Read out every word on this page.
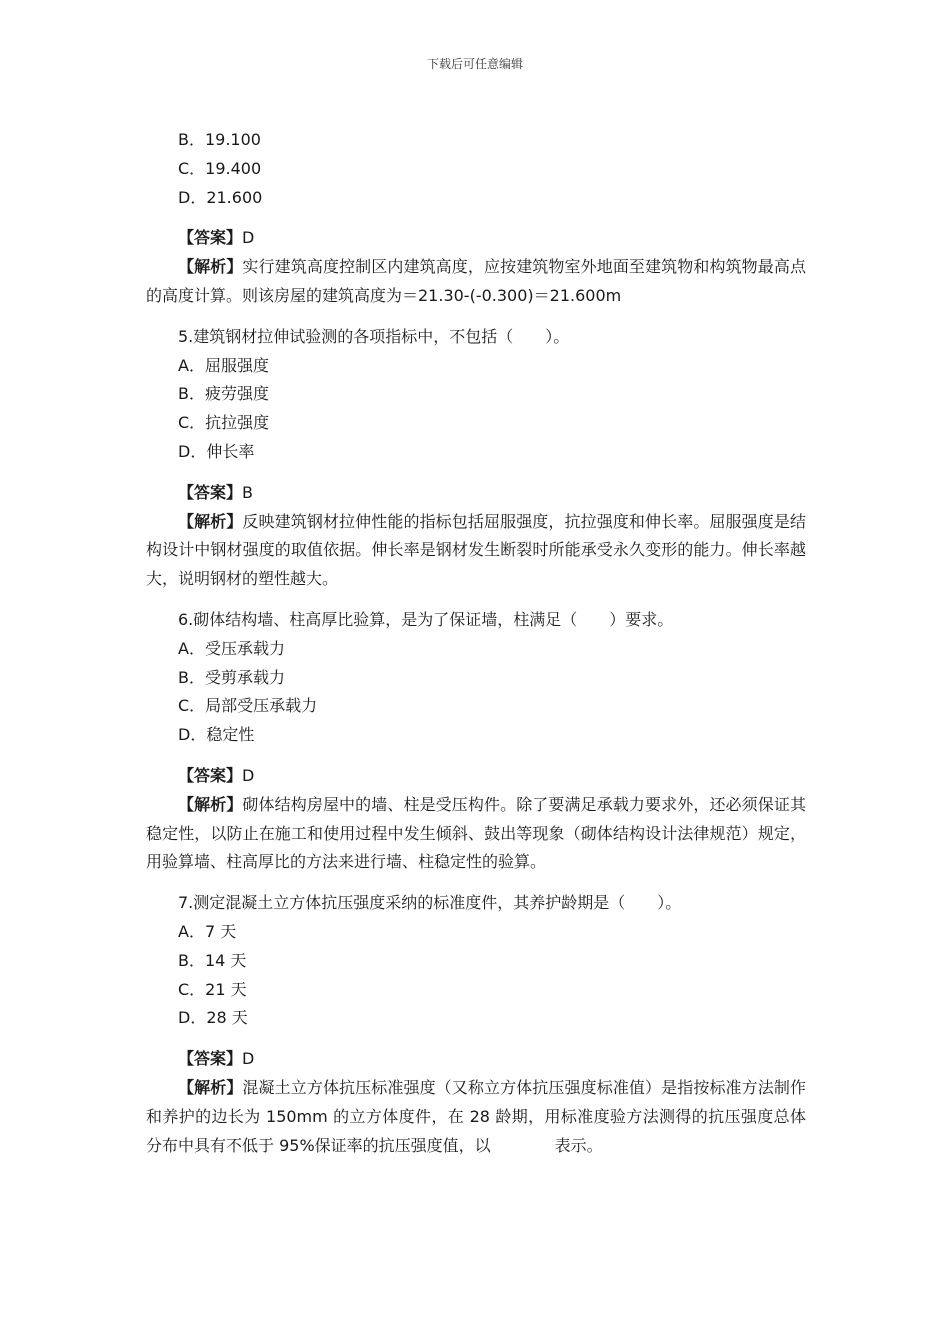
下载后可任意编辑
B．19.100
C．19.400
D．21.600
【答案】D
【解析】实行建筑高度控制区内建筑高度，应按建筑物室外地面至建筑物和构筑物最高点的高度计算。则该房屋的建筑高度为＝21.30-(-0.300)＝21.600m
5.建筑钢材拉伸试验测的各项指标中，不包括（　　）。
A．屈服强度
B．疲劳强度
C．抗拉强度
D．伸长率
【答案】B
【解析】反映建筑钢材拉伸性能的指标包括屈服强度，抗拉强度和伸长率。屈服强度是结构设计中钢材强度的取值依据。伸长率是钢材发生断裂时所能承受永久变形的能力。伸长率越大，说明钢材的塑性越大。
6.砌体结构墙、柱高厚比验算，是为了保证墙，柱满足（　　）要求。
A．受压承载力
B．受剪承载力
C．局部受压承载力
D．稳定性
【答案】D
【解析】砌体结构房屋中的墙、柱是受压构件。除了要满足承载力要求外，还必须保证其稳定性，以防止在施工和使用过程中发生倾斜、鼓出等现象（砌体结构设计法律规范）规定，用验算墙、柱高厚比的方法来进行墙、柱稳定性的验算。
7.测定混凝土立方体抗压强度采纳的标准度件，其养护龄期是（　　）。
A．7 天
B．14 天
C．21 天
D．28 天
【答案】D
【解析】混凝土立方体抗压标准强度（又称立方体抗压强度标准值）是指按标准方法制作和养护的边长为 150mm 的立方体度件，在 28 龄期，用标准度验方法测得的抗压强度总体分布中具有不低于 95%保证率的抗压强度值，以　　　　表示。
